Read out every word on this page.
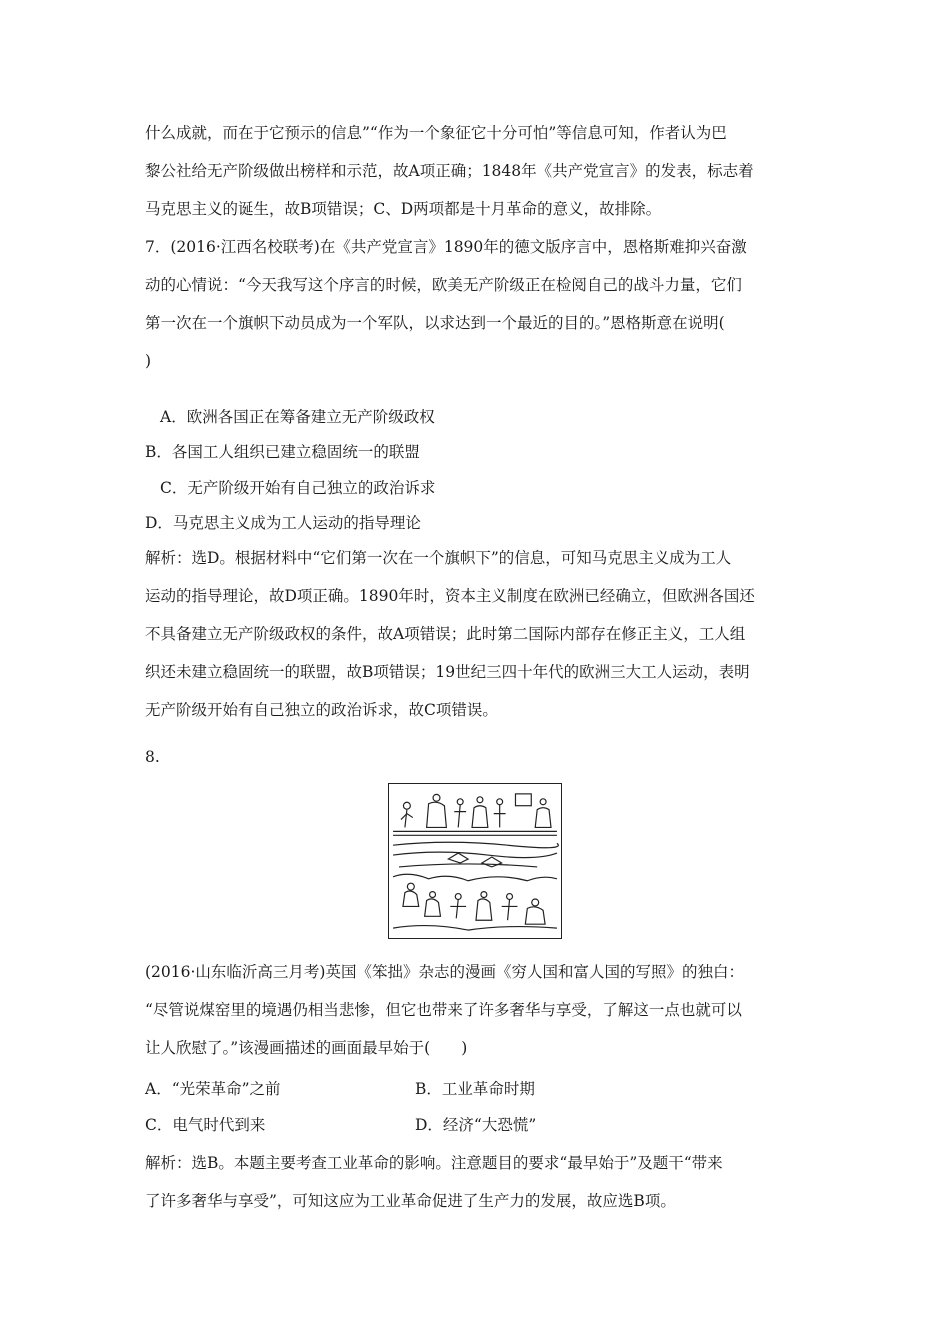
什么成就，而在于它预示的信息”“作为一个象征它十分可怕”等信息可知，作者认为巴
黎公社给无产阶级做出榜样和示范，故A项正确；1848年《共产党宣言》的发表，标志着
马克思主义的诞生，故B项错误；C、D两项都是十月革命的意义，故排除。
7．(2016·江西名校联考)在《共产党宣言》1890年的德文版序言中，恩格斯难抑兴奋激
动的心情说：“今天我写这个序言的时候，欧美无产阶级正在检阅自己的战斗力量，它们
第一次在一个旗帜下动员成为一个军队，以求达到一个最近的目的。”恩格斯意在说明(
)
A．欧洲各国正在筹备建立无产阶级政权
B．各国工人组织已建立稳固统一的联盟
C．无产阶级开始有自己独立的政治诉求
D．马克思主义成为工人运动的指导理论
解析：选D。根据材料中“它们第一次在一个旗帜下”的信息，可知马克思主义成为工人
运动的指导理论，故D项正确。1890年时，资本主义制度在欧洲已经确立，但欧洲各国还
不具备建立无产阶级政权的条件，故A项错误；此时第二国际内部存在修正主义，工人组
织还未建立稳固统一的联盟，故B项错误；19世纪三四十年代的欧洲三大工人运动，表明
无产阶级开始有自己独立的政治诉求，故C项错误。
8.
(2016·山东临沂高三月考)英国《笨拙》杂志的漫画《穷人国和富人国的写照》的独白：
“尽管说煤窑里的境遇仍相当悲惨，但它也带来了许多奢华与享受，了解这一点也就可以
让人欣慰了。”该漫画描述的画面最早始于(　　)
A．“光荣革命”之前	B．工业革命时期
C．电气时代到来	D．经济“大恐慌”
解析：选B。本题主要考查工业革命的影响。注意题目的要求“最早始于”及题干“带来
了许多奢华与享受”，可知这应为工业革命促进了生产力的发展，故应选B项。
